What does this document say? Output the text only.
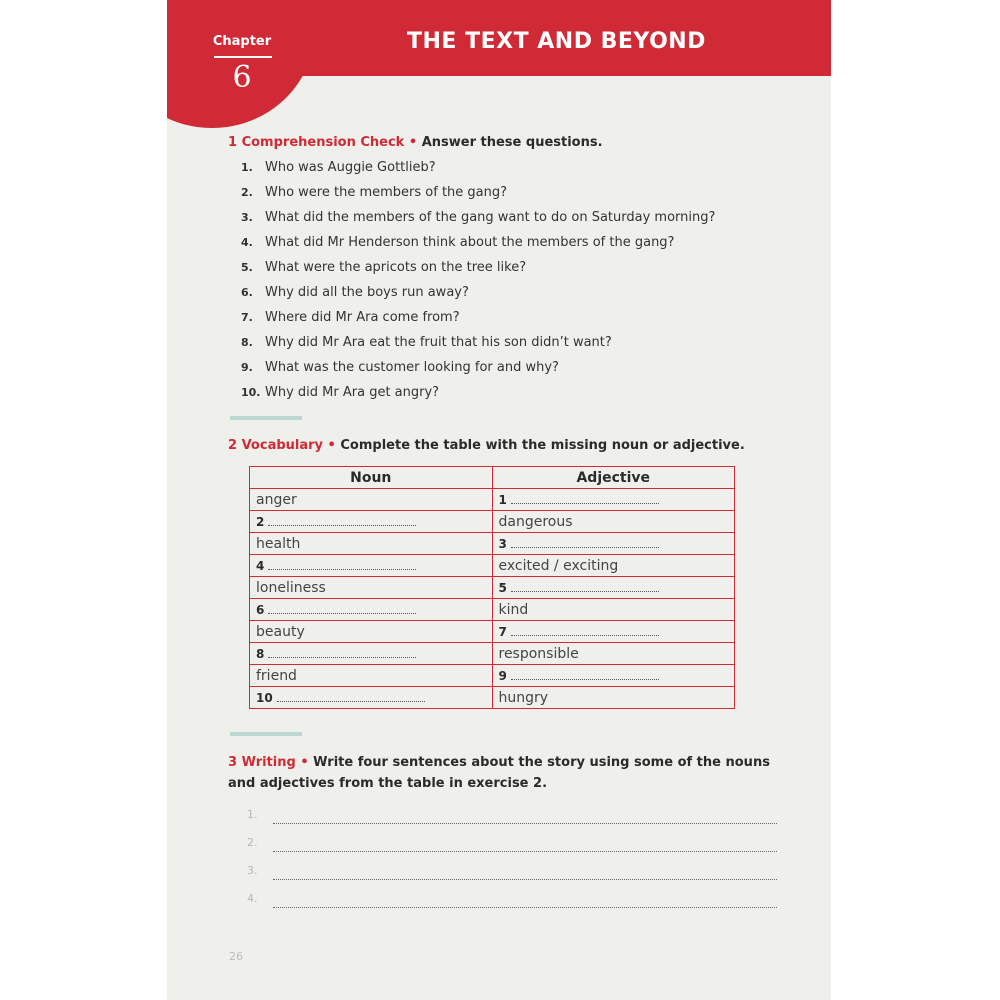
Chapter
6
THE TEXT AND BEYOND
1 Comprehension Check • Answer these questions.
1. Who was Auggie Gottlieb?
2. Who were the members of the gang?
3. What did the members of the gang want to do on Saturday morning?
4. What did Mr Henderson think about the members of the gang?
5. What were the apricots on the tree like?
6. Why did all the boys run away?
7. Where did Mr Ara come from?
8. Why did Mr Ara eat the fruit that his son didn’t want?
9. What was the customer looking for and why?
10. Why did Mr Ara get angry?
2 Vocabulary • Complete the table with the missing noun or adjective.
Noun	Adjective
anger	1
2	dangerous
health	3
4	excited / exciting
loneliness	5
6	kind
beauty	7
8	responsible
friend	9
10	hungry
3 Writing • Write four sentences about the story using some of the nouns
and adjectives from the table in exercise 2.
1.
2.
3.
4.
26
